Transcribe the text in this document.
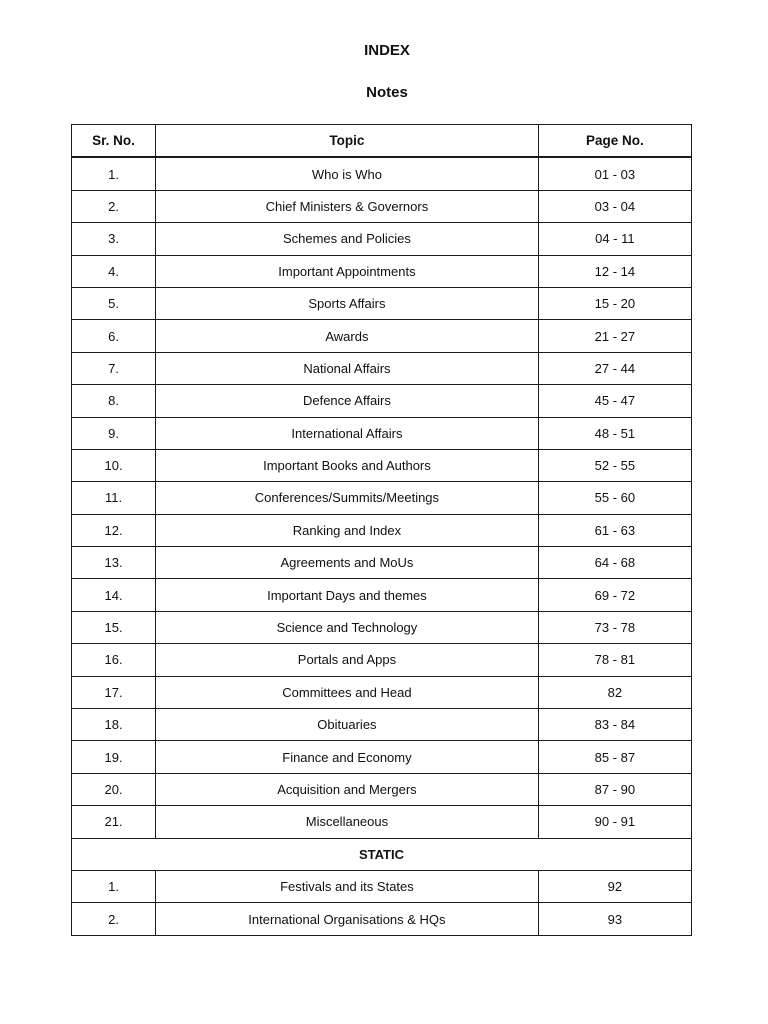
INDEX
Notes
Sr. No.	Topic	Page No.
1.	Who is Who	01 - 03
2.	Chief Ministers & Governors	03 - 04
3.	Schemes and Policies	04 - 11
4.	Important Appointments	12 - 14
5.	Sports Affairs	15 - 20
6.	Awards	21 - 27
7.	National Affairs	27 - 44
8.	Defence Affairs	45 - 47
9.	International Affairs	48 - 51
10.	Important Books and Authors	52 - 55
11.	Conferences/Summits/Meetings	55 - 60
12.	Ranking and Index	61 - 63
13.	Agreements and MoUs	64 - 68
14.	Important Days and themes	69 - 72
15.	Science and Technology	73 - 78
16.	Portals and Apps	78 - 81
17.	Committees and Head	82
18.	Obituaries	83 - 84
19.	Finance and Economy	85 - 87
20.	Acquisition and Mergers	87 - 90
21.	Miscellaneous	90 - 91
STATIC		
1.	Festivals and its States	92
2.	International Organisations & HQs	93
